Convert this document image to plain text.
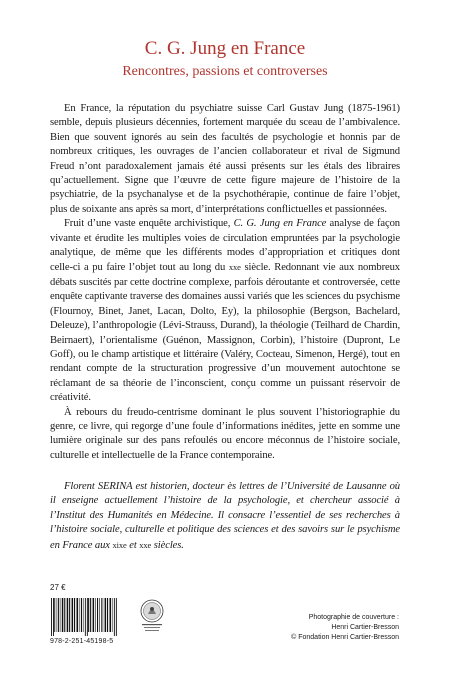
C. G. Jung en France
Rencontres, passions et controverses

En France, la réputation du psychiatre suisse Carl Gustav Jung (1875-1961) semble, depuis plusieurs décennies, fortement marquée du sceau de l’ambivalence. Bien que souvent ignorés au sein des facultés de psychologie et honnis par de nombreux critiques, les ouvrages de l’ancien collaborateur et rival de Sigmund Freud n’ont paradoxalement jamais été aussi présents sur les étals des libraires qu’actuellement. Signe que l’œuvre de cette figure majeure de l’histoire de la psychiatrie, de la psychanalyse et de la psychothérapie, continue de faire l’objet, plus de soixante ans après sa mort, d’interprétations conflictuelles et passionnées.

Fruit d’une vaste enquête archivistique, C. G. Jung en France analyse de façon vivante et érudite les multiples voies de circulation empruntées par la psychologie analytique, de même que les différents modes d’appropriation et critiques dont celle-ci a pu faire l’objet tout au long du xxe siècle. Redonnant vie aux nombreux débats suscités par cette doctrine complexe, parfois déroutante et controversée, cette enquête captivante traverse des domaines aussi variés que les sciences du psychisme (Flournoy, Binet, Janet, Lacan, Dolto, Ey), la philosophie (Bergson, Bachelard, Deleuze), l’anthropologie (Lévi-Strauss, Durand), la théologie (Teilhard de Chardin, Beirnaert), l’orientalisme (Guénon, Massignon, Corbin), l’histoire (Dupront, Le Goff), ou le champ artistique et littéraire (Valéry, Cocteau, Simenon, Hergé), tout en rendant compte de la structuration progressive d’un mouvement autochtone se réclamant de sa théorie de l’inconscient, conçu comme un puissant réservoir de créativité.

À rebours du freudo-centrisme dominant le plus souvent l’historiographie du genre, ce livre, qui regorge d’une foule d’informations inédites, jette en somme une lumière originale sur des pans refoulés ou encore méconnus de l’histoire sociale, culturelle et intellectuelle de la France contemporaine.

Florent SERINA est historien, docteur ès lettres de l’Université de Lausanne où il enseigne actuellement l’histoire de la psychologie, et chercheur associé à l’Institut des Humanités en Médecine. Il consacre l’essentiel de ses recherches à l’histoire sociale, culturelle et politique des sciences et des savoirs sur le psychisme en France aux xixe et xxe siècles.
27 €
978-2-251-45198-5
Photographie de couverture :
Henri Cartier-Bresson
© Fondation Henri Cartier-Bresson
